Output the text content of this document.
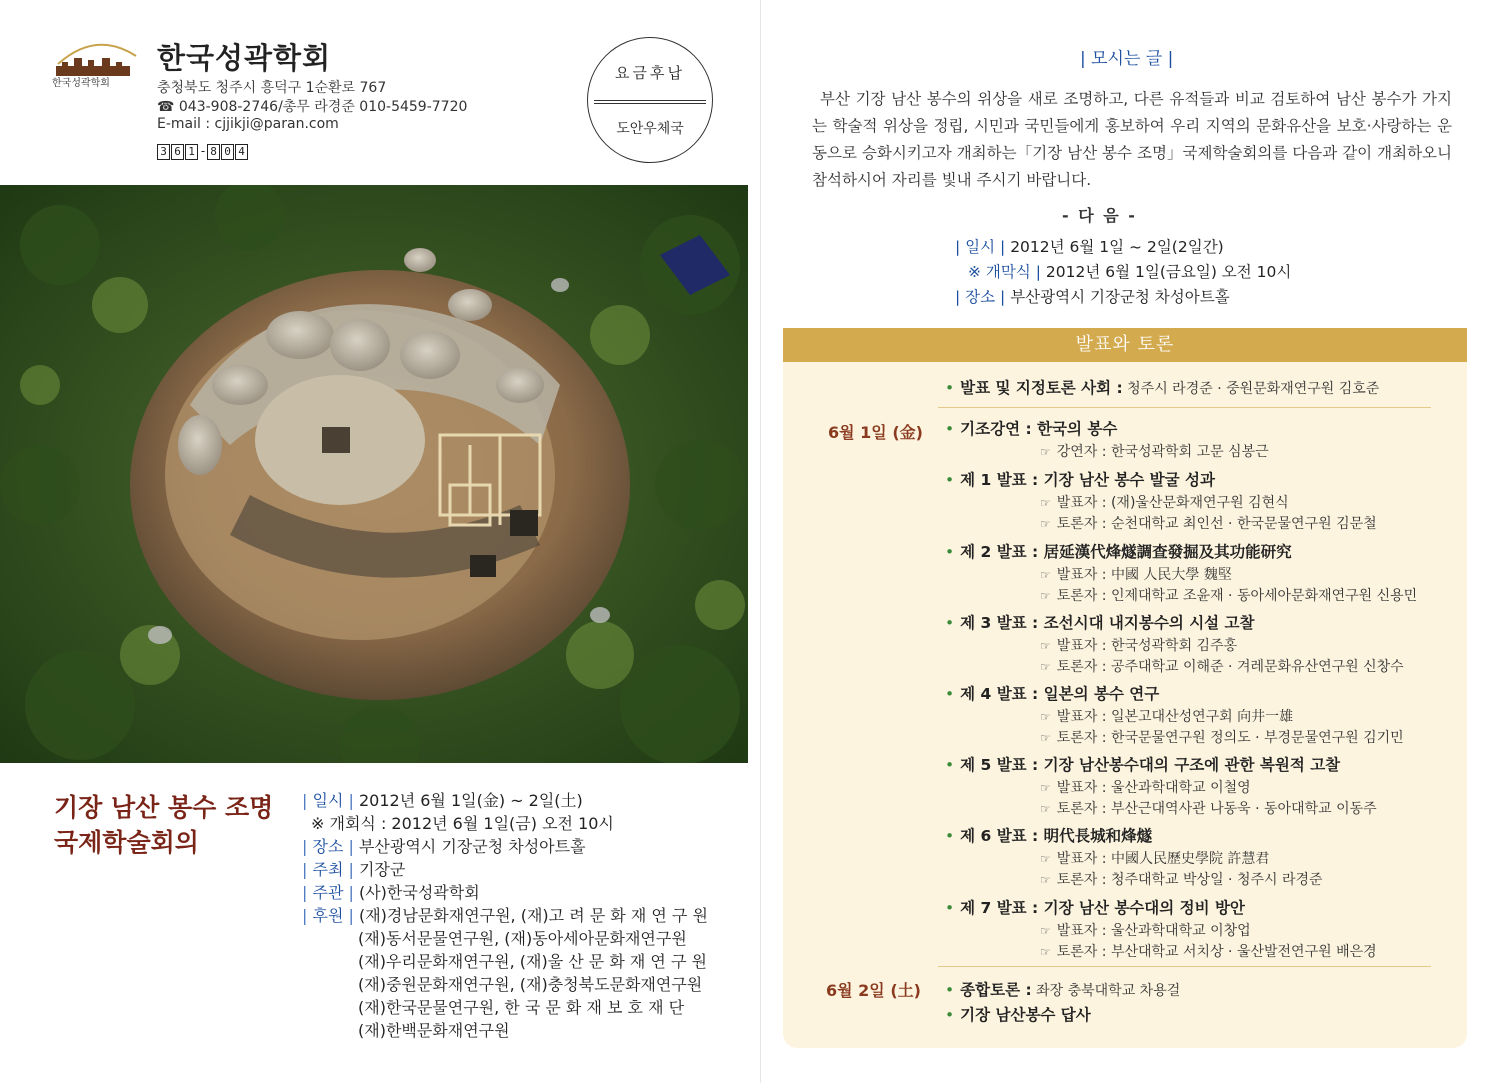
한국성곽학회
한국성곽학회
충청북도 청주시 흥덕구 1순환로 767
☎ 043-908-2746/총무 라경준 010-5459-7720
E-mail : cjjikji@paran.com
3 6 1 - 8 0 4
요금후납
도안우체국
기장 남산 봉수 조명
국제학술회의
| 일시 | 2012년 6월 1일(金) ~ 2일(土)
※ 개회식 : 2012년 6월 1일(금) 오전 10시
| 장소 | 부산광역시 기장군청 차성아트홀
| 주최 | 기장군
| 주관 | (사)한국성곽학회
| 후원 | (재)경남문화재연구원, (재)고 려 문 화 재 연 구 원
(재)동서문물연구원, (재)동아세아문화재연구원
(재)우리문화재연구원, (재)울 산 문 화 재 연 구 원
(재)중원문화재연구원, (재)충청북도문화재연구원
(재)한국문물연구원, 한 국 문 화 재 보 호 재 단
(재)한백문화재연구원
| 모시는 글 |
부산 기장 남산 봉수의 위상을 새로 조명하고, 다른 유적들과 비교 검토하여 남산 봉수가 가지는 학술적 위상을 정립, 시민과 국민들에게 홍보하여 우리 지역의 문화유산을 보호·사랑하는 운동으로 승화시키고자 개최하는「기장 남산 봉수 조명」국제학술회의를 다음과 같이 개최하오니 참석하시어 자리를 빛내 주시기 바랍니다.
- 다 음 -
| 일시 | 2012년 6월 1일 ~ 2일(2일간)
※ 개막식 | 2012년 6월 1일(금요일) 오전 10시
| 장소 | 부산광역시 기장군청 차성아트홀
발표와 토론
• 발표 및 지정토론 사회 : 청주시 라경준 · 중원문화재연구원 김호준
6월 1일 (金) • 기조강연 : 한국의 봉수
☞ 강연자 : 한국성곽학회 고문 심봉근
• 제 1 발표 : 기장 남산 봉수 발굴 성과
☞ 발표자 : (재)울산문화재연구원 김현식
☞ 토론자 : 순천대학교 최인선 · 한국문물연구원 김문철
• 제 2 발표 : 居延漢代烽燧調查發掘及其功能研究
☞ 발표자 : 中國 人民大學 魏堅
☞ 토론자 : 인제대학교 조윤재 · 동아세아문화재연구원 신용민
• 제 3 발표 : 조선시대 내지봉수의 시설 고찰
☞ 발표자 : 한국성곽학회 김주홍
☞ 토론자 : 공주대학교 이해준 · 겨레문화유산연구원 신창수
• 제 4 발표 : 일본의 봉수 연구
☞ 발표자 : 일본고대산성연구회 向井一雄
☞ 토론자 : 한국문물연구원 정의도 · 부경문물연구원 김기민
• 제 5 발표 : 기장 남산봉수대의 구조에 관한 복원적 고찰
☞ 발표자 : 울산과학대학교 이철영
☞ 토론자 : 부산근대역사관 나동욱 · 동아대학교 이동주
• 제 6 발표 : 明代長城和烽燧
☞ 발표자 : 中國人民歷史學院 許慧君
☞ 토론자 : 청주대학교 박상일 · 청주시 라경준
• 제 7 발표 : 기장 남산 봉수대의 정비 방안
☞ 발표자 : 울산과학대학교 이창업
☞ 토론자 : 부산대학교 서치상 · 울산발전연구원 배은경
6월 2일 (土) • 종합토론 : 좌장 충북대학교 차용걸
• 기장 남산봉수 답사
